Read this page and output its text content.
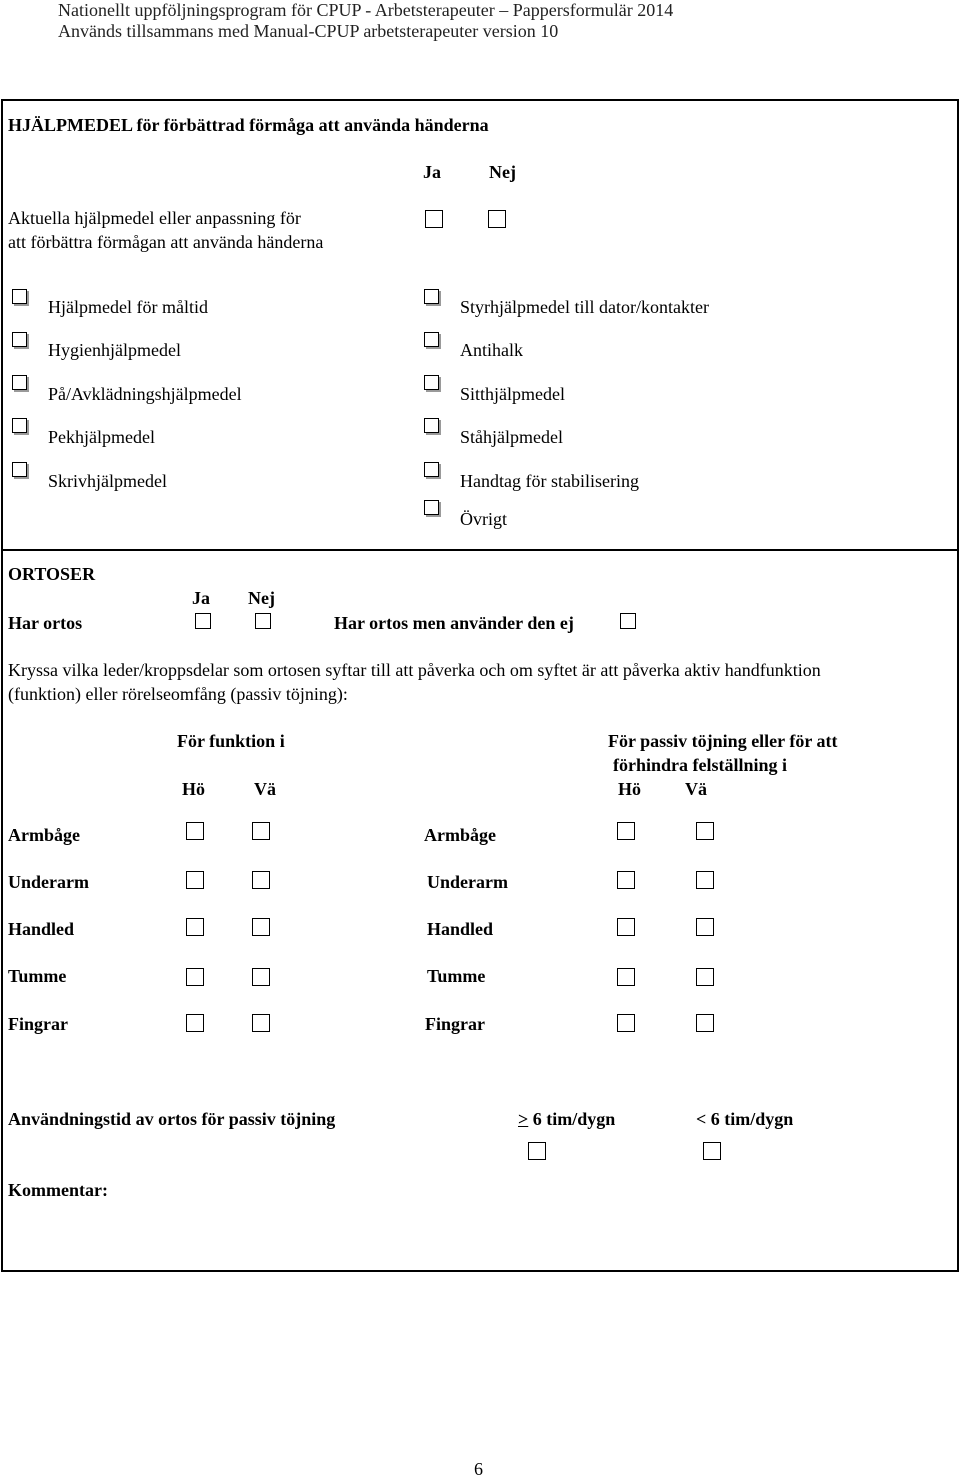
Nationellt uppföljningsprogram för CPUP - Arbetsterapeuter – Pappersformulär 2014
Används tillsammans med Manual-CPUP arbetsterapeuter version 10
HJÄLPMEDEL för förbättrad förmåga att använda händerna
Ja	Nej
Aktuella hjälpmedel eller anpassning för
att förbättra förmågan att använda händerna
Hjälpmedel för måltid
Hygienhjälpmedel
På/Avklädningshjälpmedel
Pekhjälpmedel
Skrivhjälpmedel
Styrhjälpmedel till dator/kontakter
Antihalk
Sitthjälpmedel
Ståhjälpmedel
Handtag för stabilisering
Övrigt
ORTOSER
Ja Nej
Har ortos	Har ortos men använder den ej
Kryssa vilka leder/kroppsdelar som ortosen syftar till att påverka och om syftet är att påverka aktiv handfunktion
(funktion) eller rörelseomfång (passiv töjning):
För funktion i	För passiv töjning eller för att
förhindra felställning i
Hö	Vä	Hö Vä
Armbåge	Armbåge
Underarm	Underarm
Handled	Handled
Tumme	Tumme
Fingrar	Fingrar
Användningstid av ortos för passiv töjning	≥ 6 tim/dygn	< 6 tim/dygn
Kommentar:
6
